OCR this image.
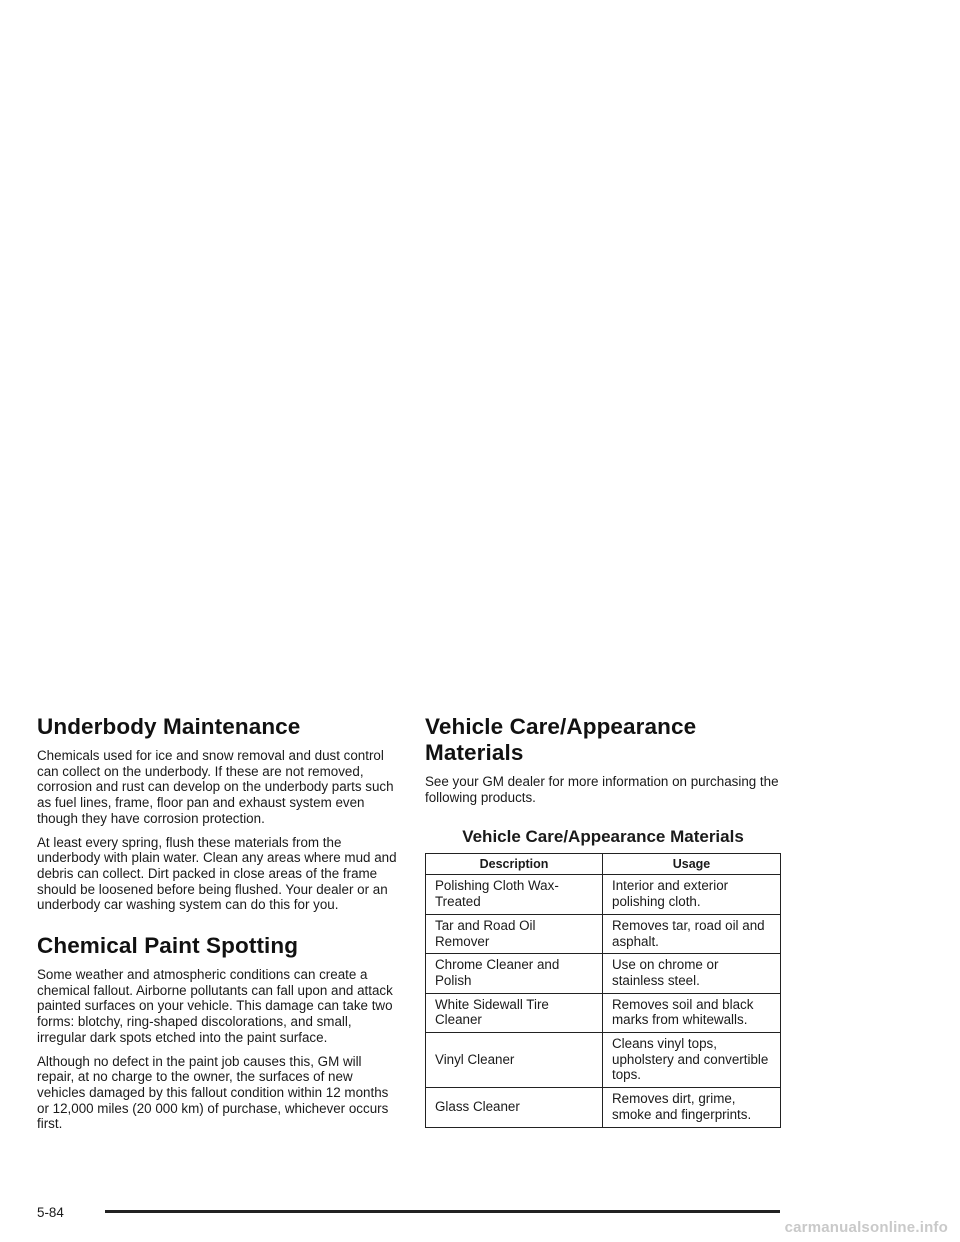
Underbody Maintenance

Chemicals used for ice and snow removal and dust control can collect on the underbody. If these are not removed, corrosion and rust can develop on the underbody parts such as fuel lines, frame, floor pan and exhaust system even though they have corrosion protection.

At least every spring, flush these materials from the underbody with plain water. Clean any areas where mud and debris can collect. Dirt packed in close areas of the frame should be loosened before being flushed. Your dealer or an underbody car washing system can do this for you.

Chemical Paint Spotting

Some weather and atmospheric conditions can create a chemical fallout. Airborne pollutants can fall upon and attack painted surfaces on your vehicle. This damage can take two forms: blotchy, ring-shaped discolorations, and small, irregular dark spots etched into the paint surface.

Although no defect in the paint job causes this, GM will repair, at no charge to the owner, the surfaces of new vehicles damaged by this fallout condition within 12 months or 12,000 miles (20 000 km) of purchase, whichever occurs first.

Vehicle Care/Appearance Materials

See your GM dealer for more information on purchasing the following products.

Vehicle Care/Appearance Materials
Description	Usage
Polishing Cloth Wax-Treated	Interior and exterior polishing cloth.
Tar and Road Oil Remover	Removes tar, road oil and asphalt.
Chrome Cleaner and Polish	Use on chrome or stainless steel.
White Sidewall Tire Cleaner	Removes soil and black marks from whitewalls.
Vinyl Cleaner	Cleans vinyl tops, upholstery and convertible tops.
Glass Cleaner	Removes dirt, grime, smoke and fingerprints.
5-84
carmanualsonline.info
